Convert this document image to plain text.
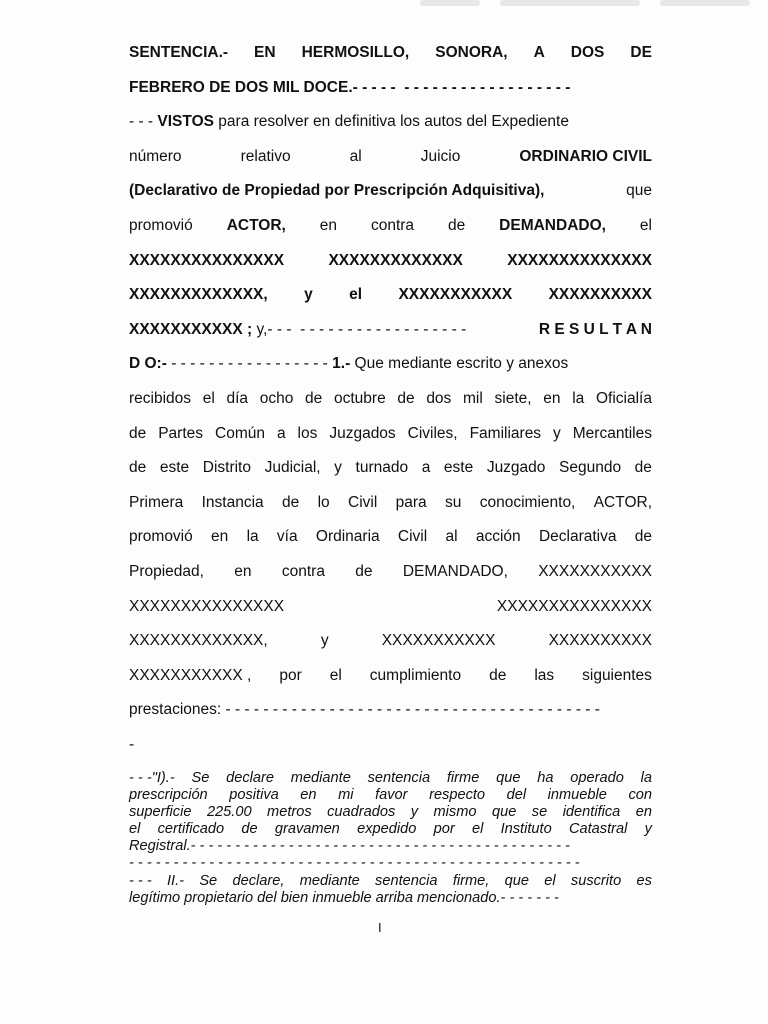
SENTENCIA.- EN HERMOSILLO, SONORA, A DOS DE
FEBRERO DE DOS MIL DOCE.- - - - -  - - - - - - - - - - - - - - - - - -
- - - VISTOS para resolver en definitiva los autos del Expediente
número	relativo	al	Juicio	ORDINARIO CIVIL
(Declarativo de Propiedad por Prescripción Adquisitiva),	que
promovió ACTOR, en contra de DEMANDADO, el
XXXXXXXXXXXXXXX	XXXXXXXXXXXXX	XXXXXXXXXXXXXX
XXXXXXXXXXXXX, y el XXXXXXXXXXX XXXXXXXXXX
XXXXXXXXXXX ; y,- - -  - - - - - - - - - - - - - - - - - -	R E S U L T A N
D O:- - - - - - - - - - - - - - - - - - 1.- Que mediante escrito y anexos
recibidos el día ocho de octubre de dos mil siete, en la Oficialía
de Partes Común a los Juzgados Civiles, Familiares y Mercantiles
de este Distrito Judicial, y turnado a este Juzgado Segundo de
Primera Instancia de lo Civil para su conocimiento, ACTOR,
promovió en la vía Ordinaria Civil al acción Declarativa de
Propiedad, en contra de DEMANDADO, XXXXXXXXXXX
XXXXXXXXXXXXXXX	XXXXXXXXXXXXXXX
XXXXXXXXXXXXX,	y	XXXXXXXXXXX	XXXXXXXXXX
XXXXXXXXXXX , por el cumplimiento de las siguientes
prestaciones: - - - - - - - - - - - - - - - - - - - - - - - - - - - - - - - - - - - - - - - -
-
- - -"I).- Se declare mediante sentencia firme que ha operado la
prescripción positiva en mi favor respecto del inmueble con
superficie 225.00 metros cuadrados y mismo que se identifica en
el certificado de gravamen expedido por el Instituto Catastral y
Registral.- - - - - - - - - - - - - - - - - - - - - - - - - - - - - - - - - - - - - - - - - - -
- - - - - - - - - - - - - - - - - - - - - - - - - - - - - - - - - - - - - - - - - - - - - - - - - - -
- - - II.- Se declare, mediante sentencia firme, que el suscrito es
legítimo propietario del bien inmueble arriba mencionado.- - - - - - -
I
